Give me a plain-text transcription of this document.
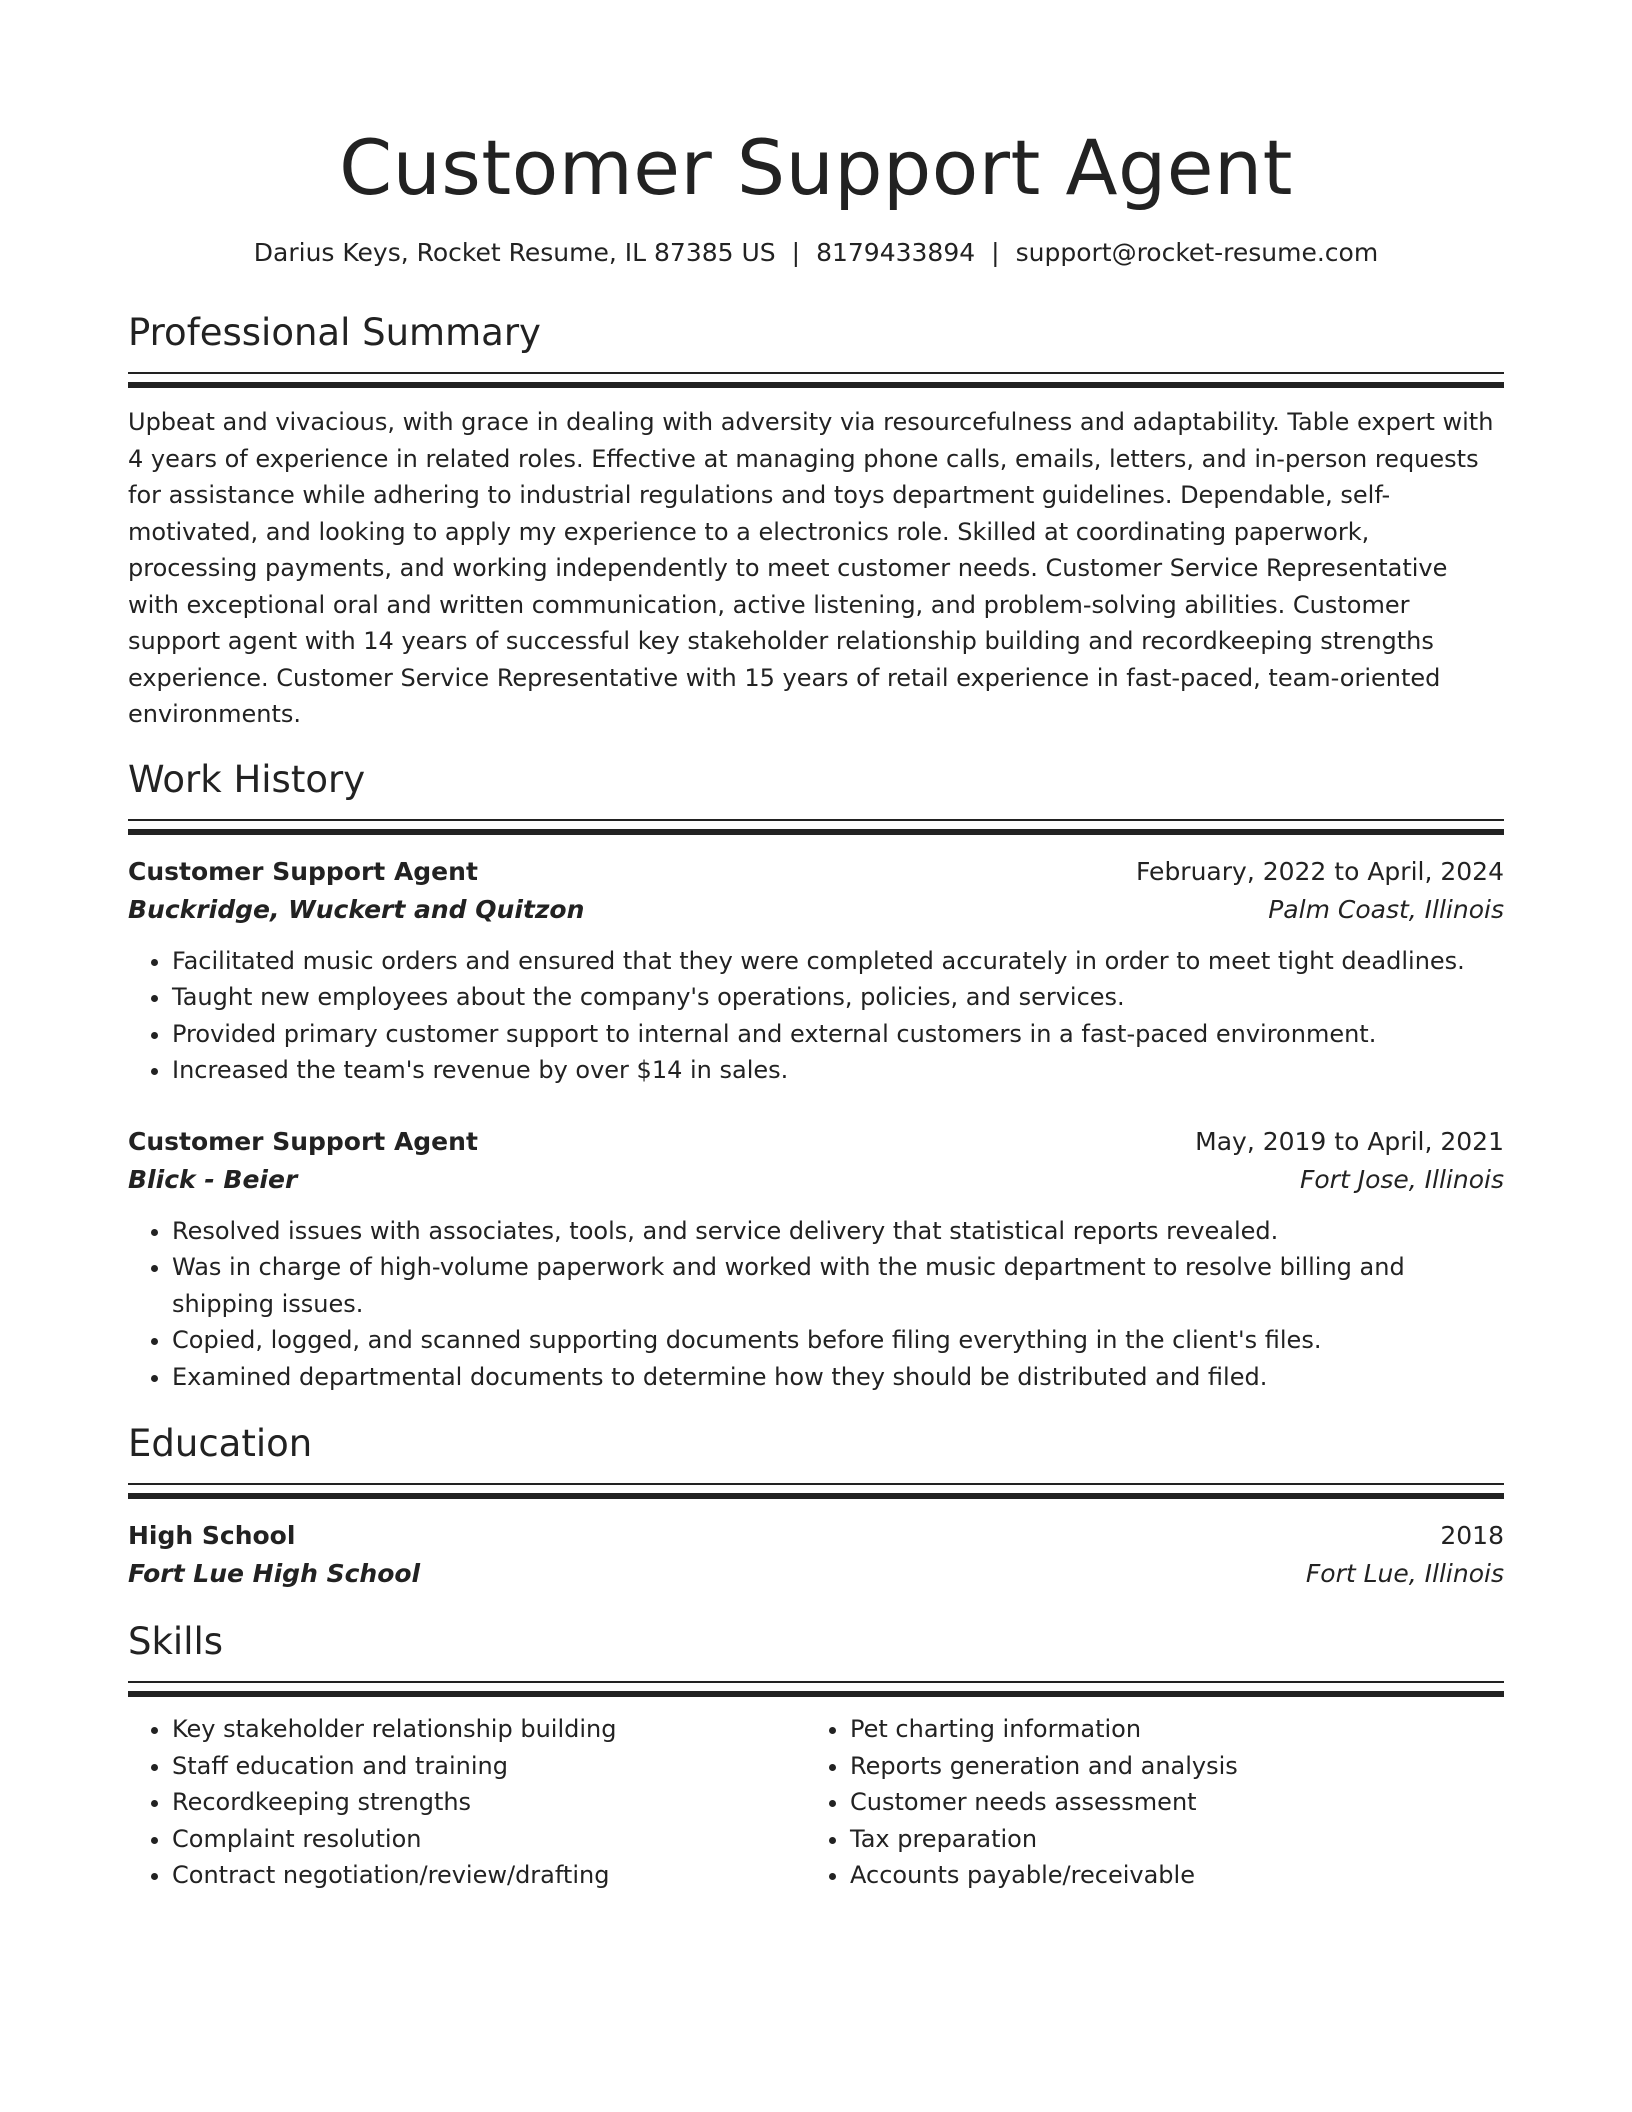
Customer Support Agent
Darius Keys, Rocket Resume, IL 87385 US | 8179433894 | support@rocket-resume.com
Professional Summary

Upbeat and vivacious, with grace in dealing with adversity via resourcefulness and adaptability. Table expert with 4 years of experience in related roles. Effective at managing phone calls, emails, letters, and in-person requests for assistance while adhering to industrial regulations and toys department guidelines. Dependable, self-motivated, and looking to apply my experience to a electronics role. Skilled at coordinating paperwork, processing payments, and working independently to meet customer needs. Customer Service Representative with exceptional oral and written communication, active listening, and problem-solving abilities. Customer support agent with 14 years of successful key stakeholder relationship building and recordkeeping strengths experience. Customer Service Representative with 15 years of retail experience in fast-paced, team-oriented environments.

Work History
Customer Support Agent	February, 2022 to April, 2024
Buckridge, Wuckert and Quitzon	Palm Coast, Illinois
• Facilitated music orders and ensured that they were completed accurately in order to meet tight deadlines.
• Taught new employees about the company's operations, policies, and services.
• Provided primary customer support to internal and external customers in a fast-paced environment.
• Increased the team's revenue by over $14 in sales.
Customer Support Agent	May, 2019 to April, 2021
Blick - Beier	Fort Jose, Illinois
• Resolved issues with associates, tools, and service delivery that statistical reports revealed.
• Was in charge of high-volume paperwork and worked with the music department to resolve billing and shipping issues.
• Copied, logged, and scanned supporting documents before filing everything in the client's files.
• Examined departmental documents to determine how they should be distributed and filed.
Education
High School	2018
Fort Lue High School	Fort Lue, Illinois
Skills
• Key stakeholder relationship building
• Staff education and training
• Recordkeeping strengths
• Complaint resolution
• Contract negotiation/review/drafting
• Pet charting information
• Reports generation and analysis
• Customer needs assessment
• Tax preparation
• Accounts payable/receivable
